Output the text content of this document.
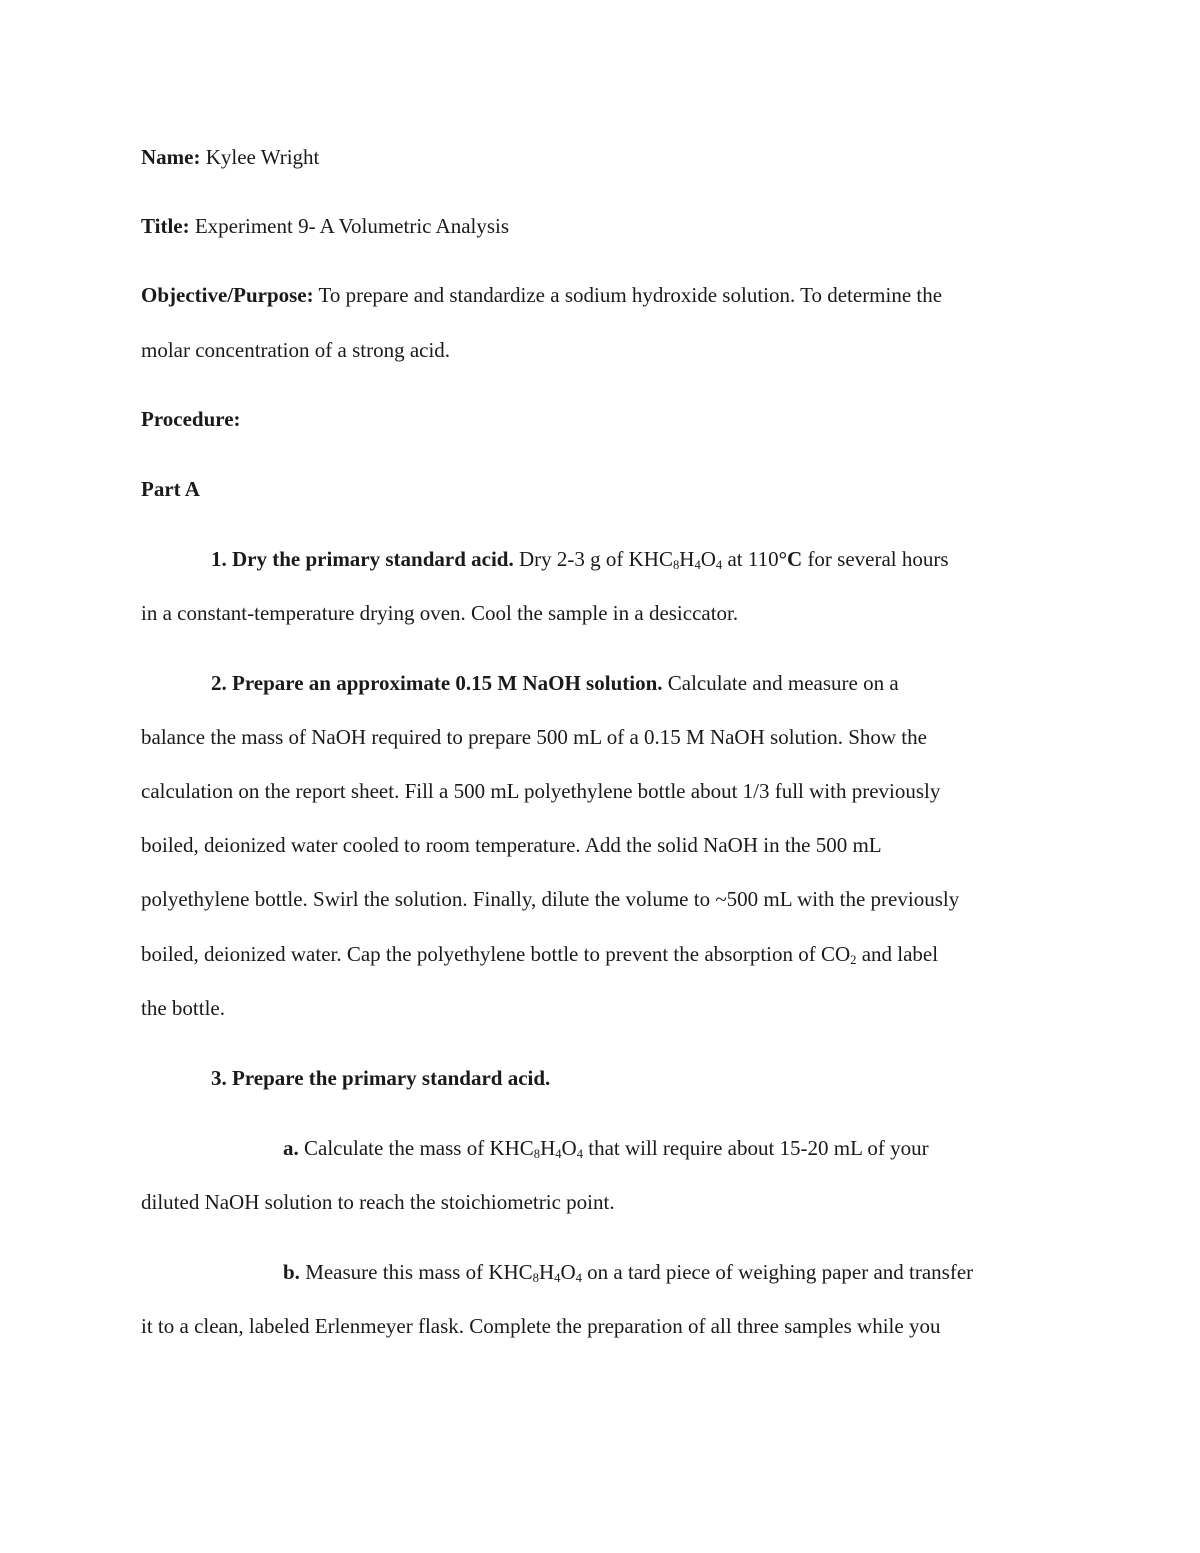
Name: Kylee Wright

Title: Experiment 9- A Volumetric Analysis

Objective/Purpose: To prepare and standardize a sodium hydroxide solution. To determine the

molar concentration of a strong acid.

Procedure:

Part A

1. Dry the primary standard acid. Dry 2-3 g of $KHC_8H_4O_4$ at 110°C for several hours

in a constant-temperature drying oven. Cool the sample in a desiccator.

2. Prepare an approximate 0.15 M NaOH solution. Calculate and measure on a

balance the mass of NaOH required to prepare 500 mL of a 0.15 M NaOH solution. Show the

calculation on the report sheet. Fill a 500 mL polyethylene bottle about 1/3 full with previously

boiled, deionized water cooled to room temperature. Add the solid NaOH in the 500 mL

polyethylene bottle. Swirl the solution. Finally, dilute the volume to ~500 mL with the previously

boiled, deionized water. Cap the polyethylene bottle to prevent the absorption of $CO_2$ and label

the bottle.

3. Prepare the primary standard acid.

a. Calculate the mass of $KHC_8H_4O_4$ that will require about 15-20 mL of your

diluted NaOH solution to reach the stoichiometric point.

b. Measure this mass of $KHC_8H_4O_4$ on a tard piece of weighing paper and transfer

it to a clean, labeled Erlenmeyer flask. Complete the preparation of all three samples while you
